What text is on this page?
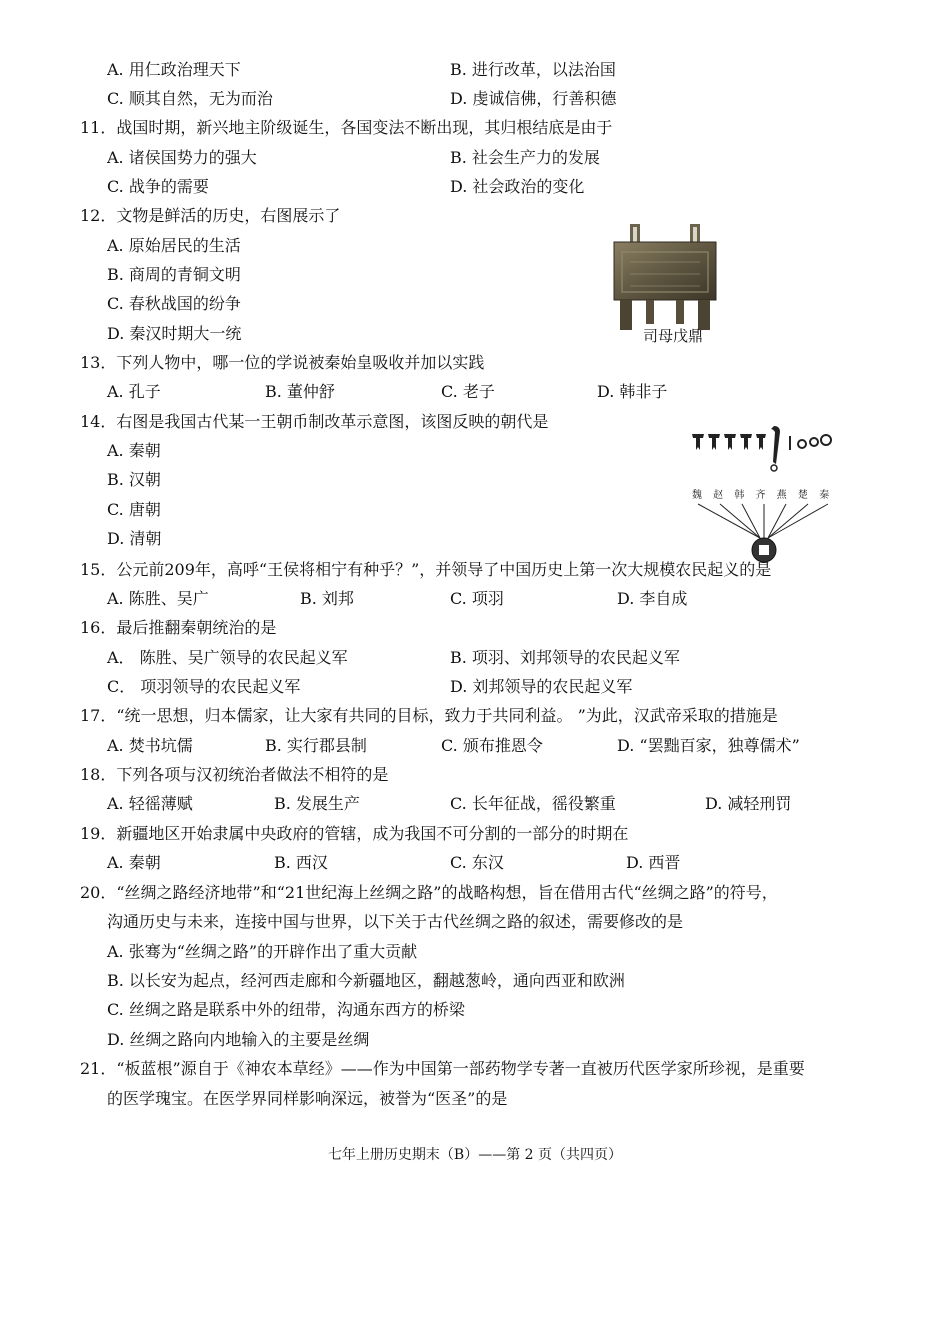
A. 用仁政治理天下	B. 进行改革，以法治国
C. 顺其自然，无为而治	D. 虔诚信佛，行善积德
11．战国时期，新兴地主阶级诞生，各国变法不断出现，其归根结底是由于
A. 诸侯国势力的强大	B. 社会生产力的发展
C. 战争的需要	D. 社会政治的变化
12．文物是鲜活的历史，右图展示了
A. 原始居民的生活
B. 商周的青铜文明
C. 春秋战国的纷争
D. 秦汉时期大一统	司母戊鼎
13．下列人物中，哪一位的学说被秦始皇吸收并加以实践
A. 孔子	B. 董仲舒	C. 老子	D. 韩非子
14．右图是我国古代某一王朝币制改革示意图，该图反映的朝代是
A. 秦朝
B. 汉朝
C. 唐朝
D. 清朝
魏 赵 韩 齐 燕 楚 秦
15．公元前209年，高呼“王侯将相宁有种乎？”，并领导了中国历史上第一次大规模农民起义的是
A. 陈胜、吴广	B. 刘邦	C. 项羽	D. 李自成
16．最后推翻秦朝统治的是
A． 陈胜、吴广领导的农民起义军	B. 项羽、刘邦领导的农民起义军
C． 项羽领导的农民起义军	D. 刘邦领导的农民起义军
17．“统一思想，归本儒家，让大家有共同的目标，致力于共同利益。 ”为此，汉武帝采取的措施是
A. 焚书坑儒	B. 实行郡县制	C. 颁布推恩令	D. “罢黜百家，独尊儒术”
18．下列各项与汉初统治者做法不相符的是
A. 轻徭薄赋	B. 发展生产	C. 长年征战，徭役繁重	D. 减轻刑罚
19．新疆地区开始隶属中央政府的管辖，成为我国不可分割的一部分的时期在
A. 秦朝	B. 西汉	C. 东汉	D. 西晋
20．“丝绸之路经济地带”和“21世纪海上丝绸之路”的战略构想，旨在借用古代“丝绸之路”的符号，
沟通历史与未来，连接中国与世界，以下关于古代丝绸之路的叙述，需要修改的是
A. 张骞为“丝绸之路”的开辟作出了重大贡献
B. 以长安为起点，经河西走廊和今新疆地区，翻越葱岭，通向西亚和欧洲
C. 丝绸之路是联系中外的纽带，沟通东西方的桥梁
D. 丝绸之路向内地输入的主要是丝绸
21．“板蓝根”源自于《神农本草经》——作为中国第一部药物学专著一直被历代医学家所珍视，是重要
的医学瑰宝。在医学界同样影响深远，被誉为“医圣”的是
七年上册历史期末（B）——第 2 页（共四页）
